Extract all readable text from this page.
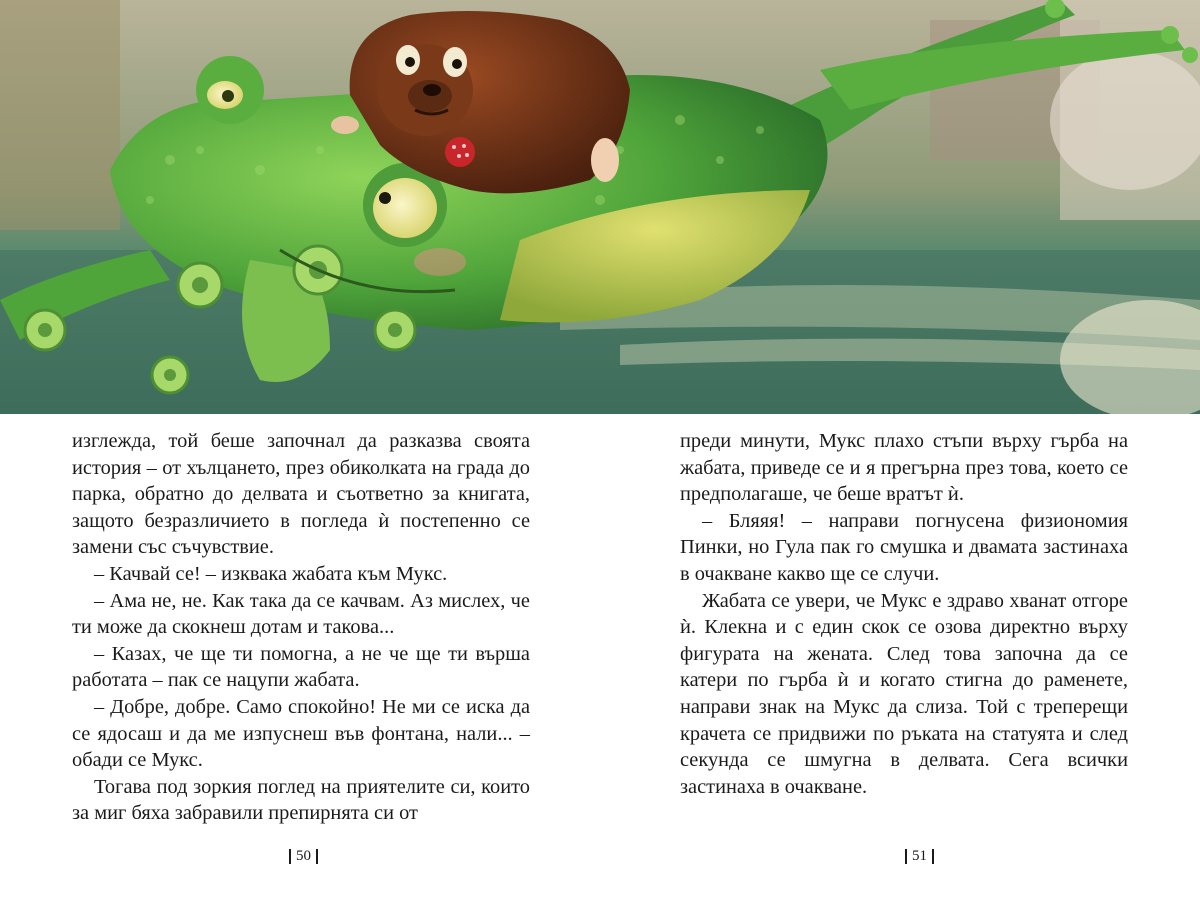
изглежда, той беше започнал да разказва своята история – от хълцането, през обиколката на града до парка, обратно до делвата и съответно за книгата, защото безразличието в погледа ѝ постепенно се замени със съчувствие.

– Качвай се! – изквака жабата към Мукс.

– Ама не, не. Как така да се качвам. Аз мислех, че ти може да скокнеш дотам и такова...

– Казах, че ще ти помогна, а не че ще ти върша работата – пак се нацупи жабата.

– Добре, добре. Само спокойно! Не ми се иска да се ядосаш и да ме изпуснеш във фонтана, нали... – обади се Мукс.

Тогава под зоркия поглед на приятелите си, които за миг бяха забравили препирнята си от

преди минути, Мукс плахо стъпи върху гърба на жабата, приведе се и я прегърна през това, което се предполагаше, че беше вратът ѝ.

– Бляяя! – направи погнусена физиономия Пинки, но Гула пак го смушка и двамата застинаха в очакване какво ще се случи.

Жабата се увери, че Мукс е здраво хванат отгоре ѝ. Клекна и с един скок се озова директно върху фигурата на жената. След това започна да се катери по гърба ѝ и когато стигна до раменете, направи знак на Мукс да слиза. Той с треперещи крачета се придвижи по ръката на статуята и след секунда се шмугна в делвата. Сега всички застинаха в очакване.

50	51
